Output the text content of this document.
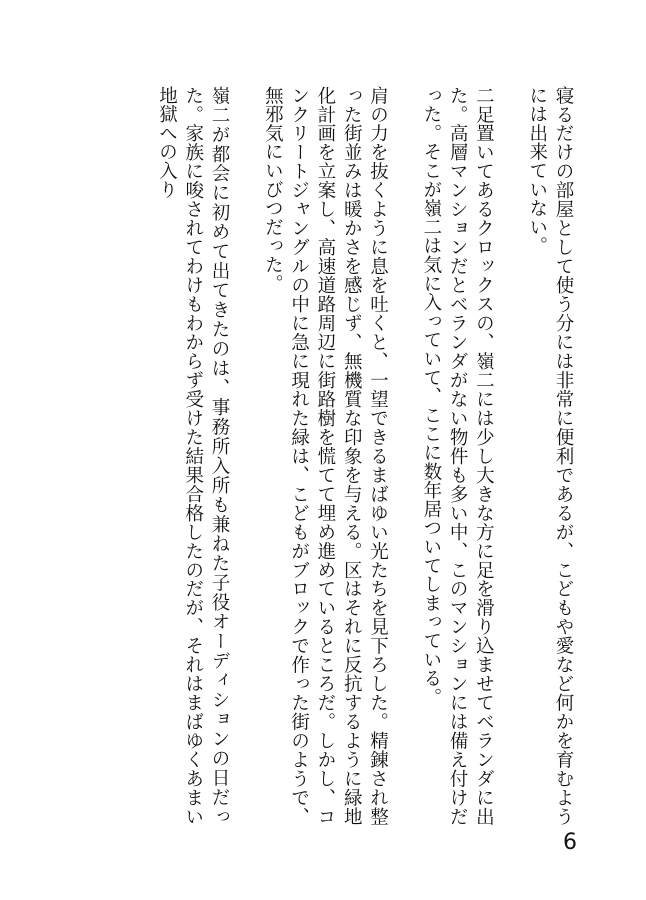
寝るだけの部屋として使う分には非常に便利であるが、こどもや愛など何かを育むようには出来ていない。

二足置いてあるクロックスの、嶺二には少し大きな方に足を滑り込ませてベランダに出た。高層マンションだとベランダがない物件も多い中、このマンションには備え付けだった。そこが嶺二は気に入っていて、ここに数年居ついてしまっている。

肩の力を抜くように息を吐くと、一望できるまばゆい光たちを見下ろした。精錬され整った街並みは暖かさを感じず、無機質な印象を与える。区はそれに反抗するように緑地化計画を立案し、高速道路周辺に街路樹を慌てて埋め進めているところだ。しかし、コンクリートジャングルの中に急に現れた緑は、こどもがブロックで作った街のようで、無邪気にいびつだった。

嶺二が都会に初めて出てきたのは、事務所入所も兼ねた子役オーディションの日だった。家族に唆されてわけもわからず受けた結果合格したのだが、それはまばゆくあまい地獄への入り

6
